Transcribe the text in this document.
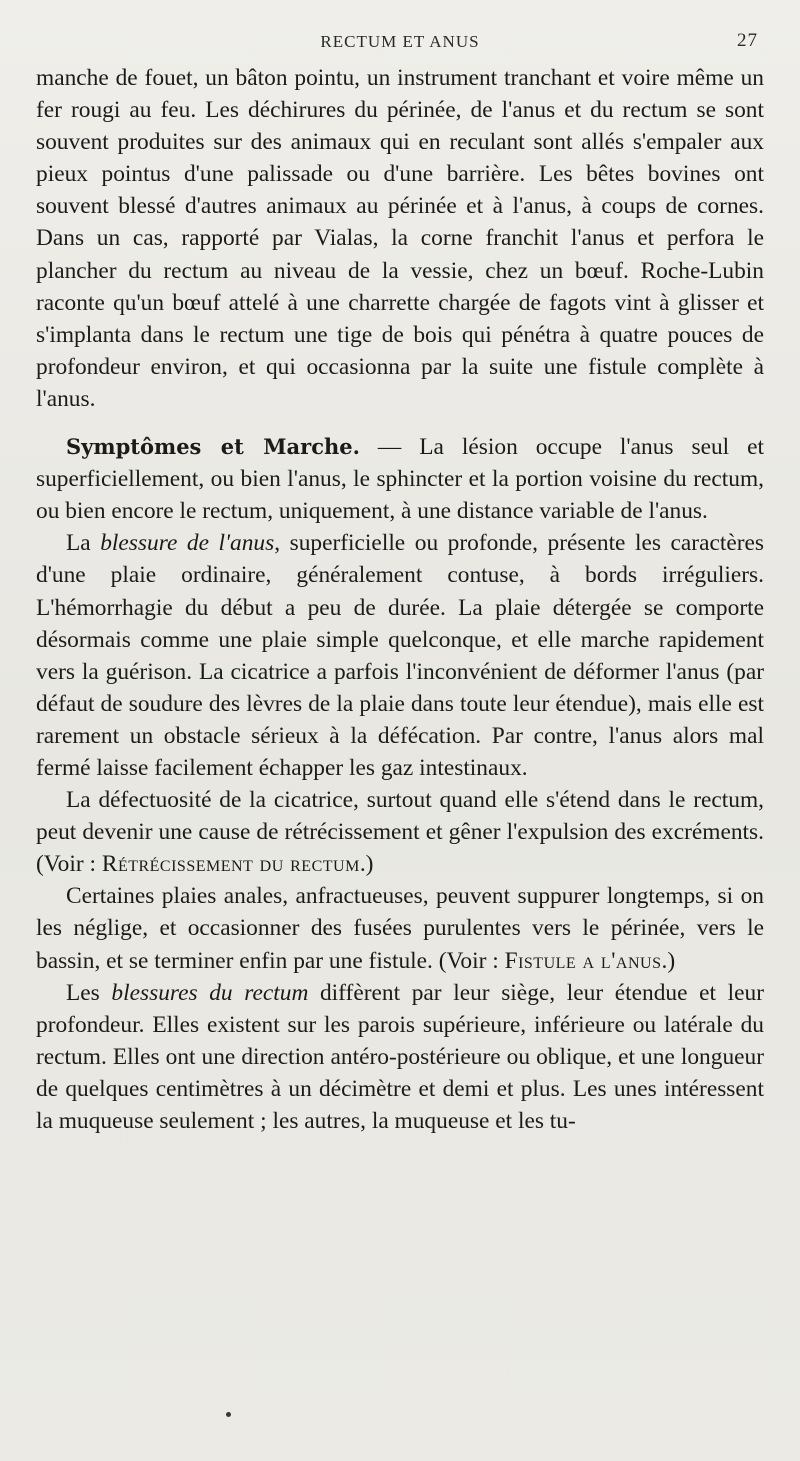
RECTUM ET ANUS	27

manche de fouet, un bâton pointu, un instrument tranchant et voire même un fer rougi au feu. Les déchirures du périnée, de l'anus et du rectum se sont souvent produites sur des animaux qui en reculant sont allés s'empaler aux pieux pointus d'une palissade ou d'une barrière. Les bêtes bovines ont souvent blessé d'autres animaux au périnée et à l'anus, à coups de cornes. Dans un cas, rapporté par Vialas, la corne franchit l'anus et perfora le plancher du rectum au niveau de la vessie, chez un bœuf. Roche-Lubin raconte qu'un bœuf attelé à une charrette chargée de fagots vint à glisser et s'implanta dans le rectum une tige de bois qui pénétra à quatre pouces de profondeur environ, et qui occasionna par la suite une fistule complète à l'anus.

Symptômes et Marche. — La lésion occupe l'anus seul et superficiellement, ou bien l'anus, le sphincter et la portion voisine du rectum, ou bien encore le rectum, uniquement, à une distance variable de l'anus.

La blessure de l'anus, superficielle ou profonde, présente les caractères d'une plaie ordinaire, généralement contuse, à bords irréguliers. L'hémorrhagie du début a peu de durée. La plaie détergée se comporte désormais comme une plaie simple quelconque, et elle marche rapidement vers la guérison. La cicatrice a parfois l'inconvénient de déformer l'anus (par défaut de soudure des lèvres de la plaie dans toute leur étendue), mais elle est rarement un obstacle sérieux à la défécation. Par contre, l'anus alors mal fermé laisse facilement échapper les gaz intestinaux.

La défectuosité de la cicatrice, surtout quand elle s'étend dans le rectum, peut devenir une cause de rétrécissement et gêner l'expulsion des excréments. (Voir : Rétrécissement du rectum.)

Certaines plaies anales, anfractueuses, peuvent suppurer longtemps, si on les néglige, et occasionner des fusées purulentes vers le périnée, vers le bassin, et se terminer enfin par une fistule. (Voir : Fistule a l'anus.)

Les blessures du rectum diffèrent par leur siège, leur étendue et leur profondeur. Elles existent sur les parois supérieure, inférieure ou latérale du rectum. Elles ont une direction antéro-postérieure ou oblique, et une longueur de quelques centimètres à un décimètre et demi et plus. Les unes intéressent la muqueuse seulement ; les autres, la muqueuse et les tu-
